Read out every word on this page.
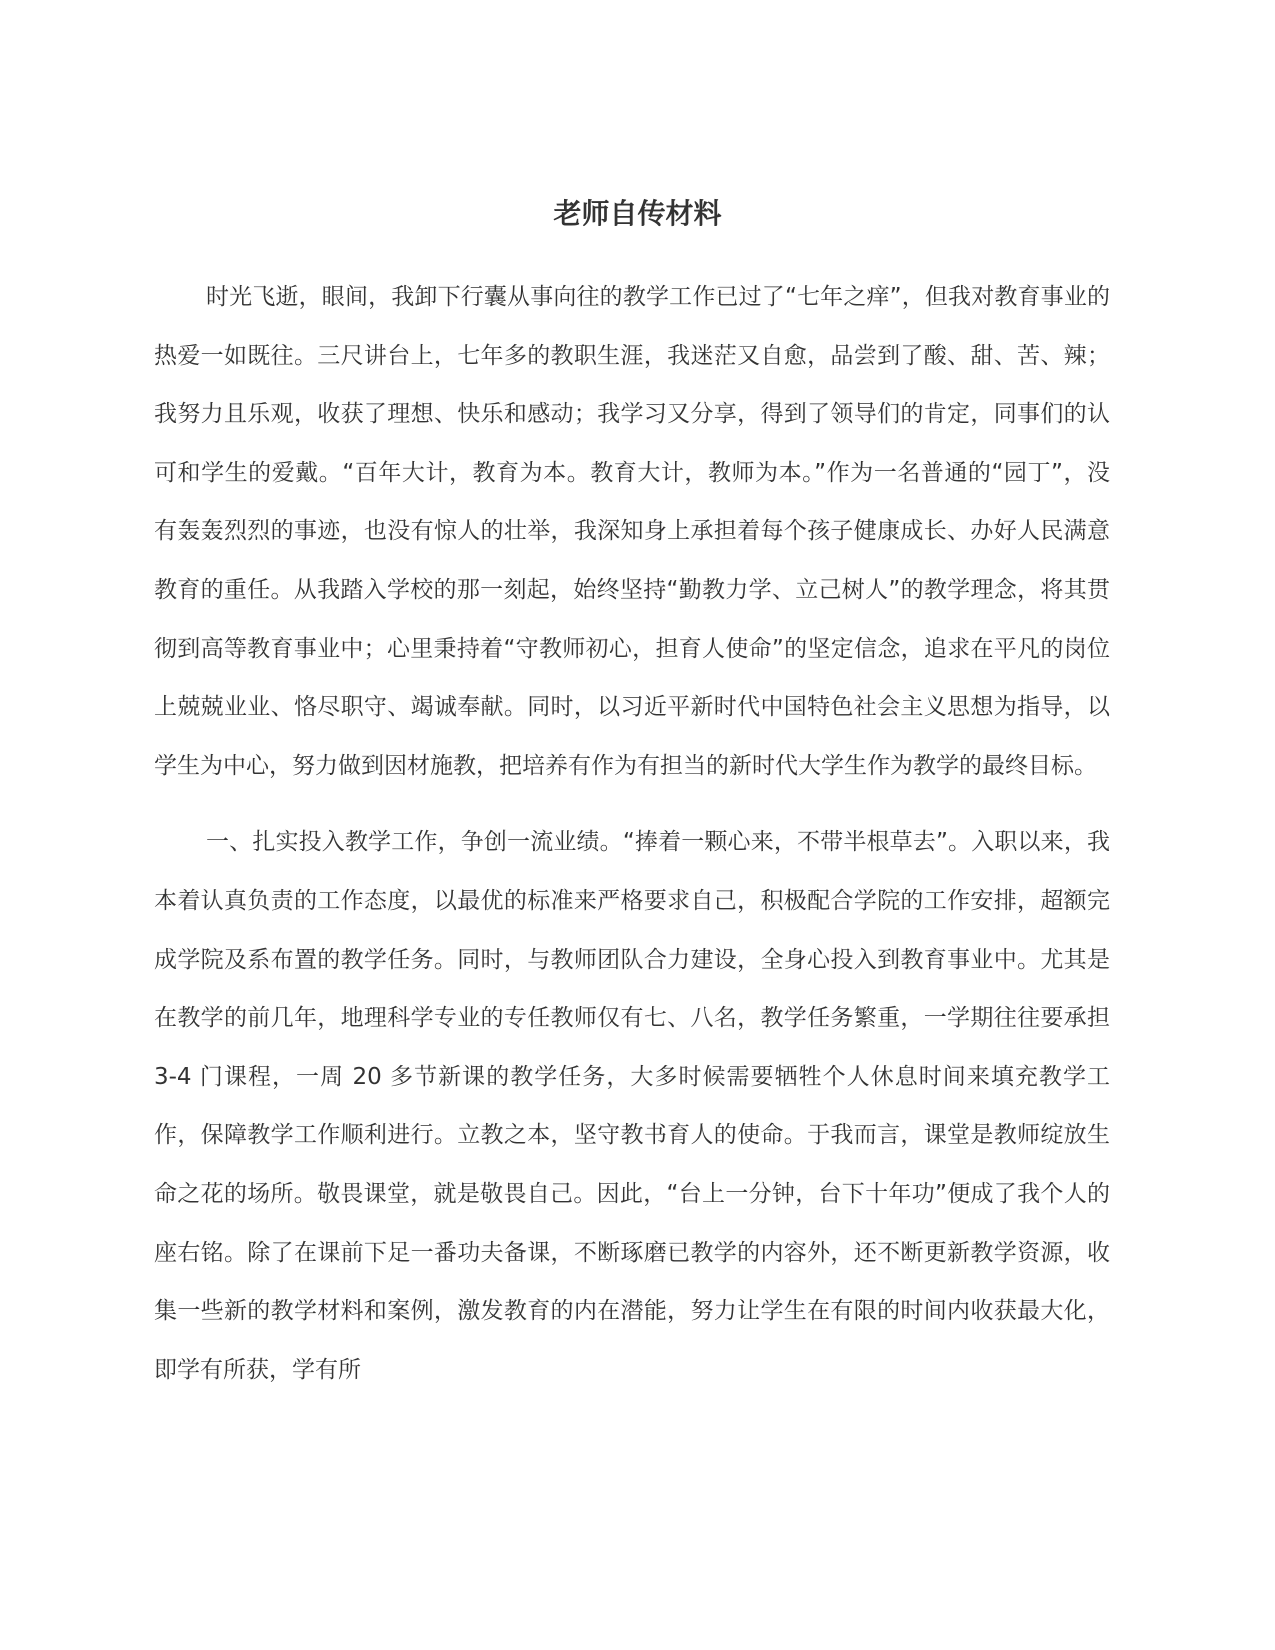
老师自传材料

时光飞逝，眼间，我卸下行囊从事向往的教学工作已过了“七年之痒”，但我对教育事业的热爱一如既往。三尺讲台上，七年多的教职生涯，我迷茫又自愈，品尝到了酸、甜、苦、辣；我努力且乐观，收获了理想、快乐和感动；我学习又分享，得到了领导们的肯定，同事们的认可和学生的爱戴。“百年大计，教育为本。教育大计，教师为本。”作为一名普通的“园丁”，没有轰轰烈烈的事迹，也没有惊人的壮举，我深知身上承担着每个孩子健康成长、办好人民满意教育的重任。从我踏入学校的那一刻起，始终坚持“勤教力学、立己树人”的教学理念，将其贯彻到高等教育事业中；心里秉持着“守教师初心，担育人使命”的坚定信念，追求在平凡的岗位上兢兢业业、恪尽职守、竭诚奉献。同时，以习近平新时代中国特色社会主义思想为指导，以学生为中心，努力做到因材施教，把培养有作为有担当的新时代大学生作为教学的最终目标。

一、扎实投入教学工作，争创一流业绩。“捧着一颗心来，不带半根草去”。入职以来，我本着认真负责的工作态度，以最优的标准来严格要求自己，积极配合学院的工作安排，超额完成学院及系布置的教学任务。同时，与教师团队合力建设，全身心投入到教育事业中。尤其是在教学的前几年，地理科学专业的专任教师仅有七、八名，教学任务繁重，一学期往往要承担 3-4 门课程，一周 20 多节新课的教学任务，大多时候需要牺牲个人休息时间来填充教学工作，保障教学工作顺利进行。立教之本，坚守教书育人的使命。于我而言，课堂是教师绽放生命之花的场所。敬畏课堂，就是敬畏自己。因此，“台上一分钟，台下十年功”便成了我个人的座右铭。除了在课前下足一番功夫备课，不断琢磨已教学的内容外，还不断更新教学资源，收集一些新的教学材料和案例，激发教育的内在潜能，努力让学生在有限的时间内收获最大化，即学有所获，学有所
